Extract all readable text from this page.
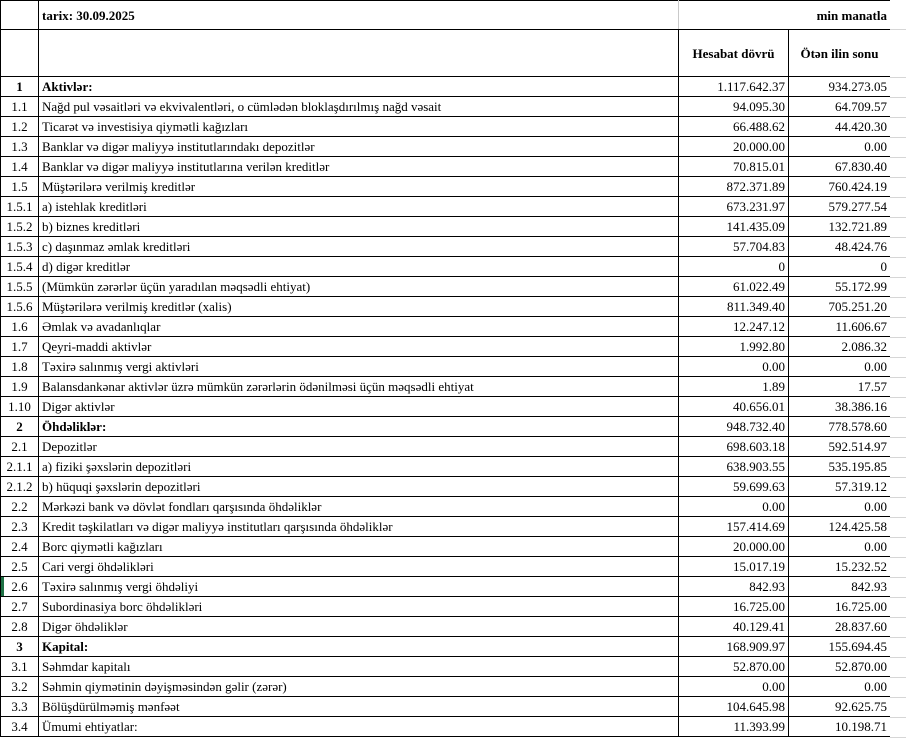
	tarix: 30.09.2025		min manatla
		Hesabat dövrü	Ötən ilin sonu
1	Aktivlər:	1.117.642.37	934.273.05
1.1	Nağd pul vəsaitləri və ekvivalentləri, o cümlədən bloklaşdırılmış nağd vəsait	94.095.30	64.709.57
1.2	Ticarət və investisiya qiymətli kağızları	66.488.62	44.420.30
1.3	Banklar və digər maliyyə institutlarındakı depozitlər	20.000.00	0.00
1.4	Banklar və digər maliyyə institutlarına verilən kreditlər	70.815.01	67.830.40
1.5	Müştərilərə verilmiş kreditlər	872.371.89	760.424.19
1.5.1	a) istehlak kreditləri	673.231.97	579.277.54
1.5.2	b) biznes kreditləri	141.435.09	132.721.89
1.5.3	c) daşınmaz əmlak kreditləri	57.704.83	48.424.76
1.5.4	d) digər kreditlər	0	0
1.5.5	(Mümkün zərərlər üçün yaradılan məqsədli ehtiyat)	61.022.49	55.172.99
1.5.6	Müştərilərə verilmiş kreditlər (xalis)	811.349.40	705.251.20
1.6	Əmlak və avadanlıqlar	12.247.12	11.606.67
1.7	Qeyri-maddi aktivlər	1.992.80	2.086.32
1.8	Təxirə salınmış vergi aktivləri	0.00	0.00
1.9	Balansdankənar aktivlər üzrə mümkün zərərlərin ödənilməsi üçün məqsədli ehtiyat	1.89	17.57
1.10	Digər aktivlər	40.656.01	38.386.16
2	Öhdəliklər:	948.732.40	778.578.60
2.1	Depozitlər	698.603.18	592.514.97
2.1.1	a) fiziki şəxslərin depozitləri	638.903.55	535.195.85
2.1.2	b) hüquqi şəxslərin depozitləri	59.699.63	57.319.12
2.2	Mərkəzi bank və dövlət fondları qarşısında öhdəliklər	0.00	0.00
2.3	Kredit təşkilatları və digər maliyyə institutları qarşısında öhdəliklər	157.414.69	124.425.58
2.4	Borc qiymətli kağızları	20.000.00	0.00
2.5	Cari vergi öhdəlikləri	15.017.19	15.232.52
2.6	Təxirə salınmış vergi öhdəliyi	842.93	842.93
2.7	Subordinasiya borc öhdəlikləri	16.725.00	16.725.00
2.8	Digər öhdəliklər	40.129.41	28.837.60
3	Kapital:	168.909.97	155.694.45
3.1	Səhmdar kapitalı	52.870.00	52.870.00
3.2	Səhmin qiymətinin dəyişməsindən gəlir (zərər)	0.00	0.00
3.3	Bölüşdürülməmiş mənfəət	104.645.98	92.625.75
3.4	Ümumi ehtiyatlar:	11.393.99	10.198.71
